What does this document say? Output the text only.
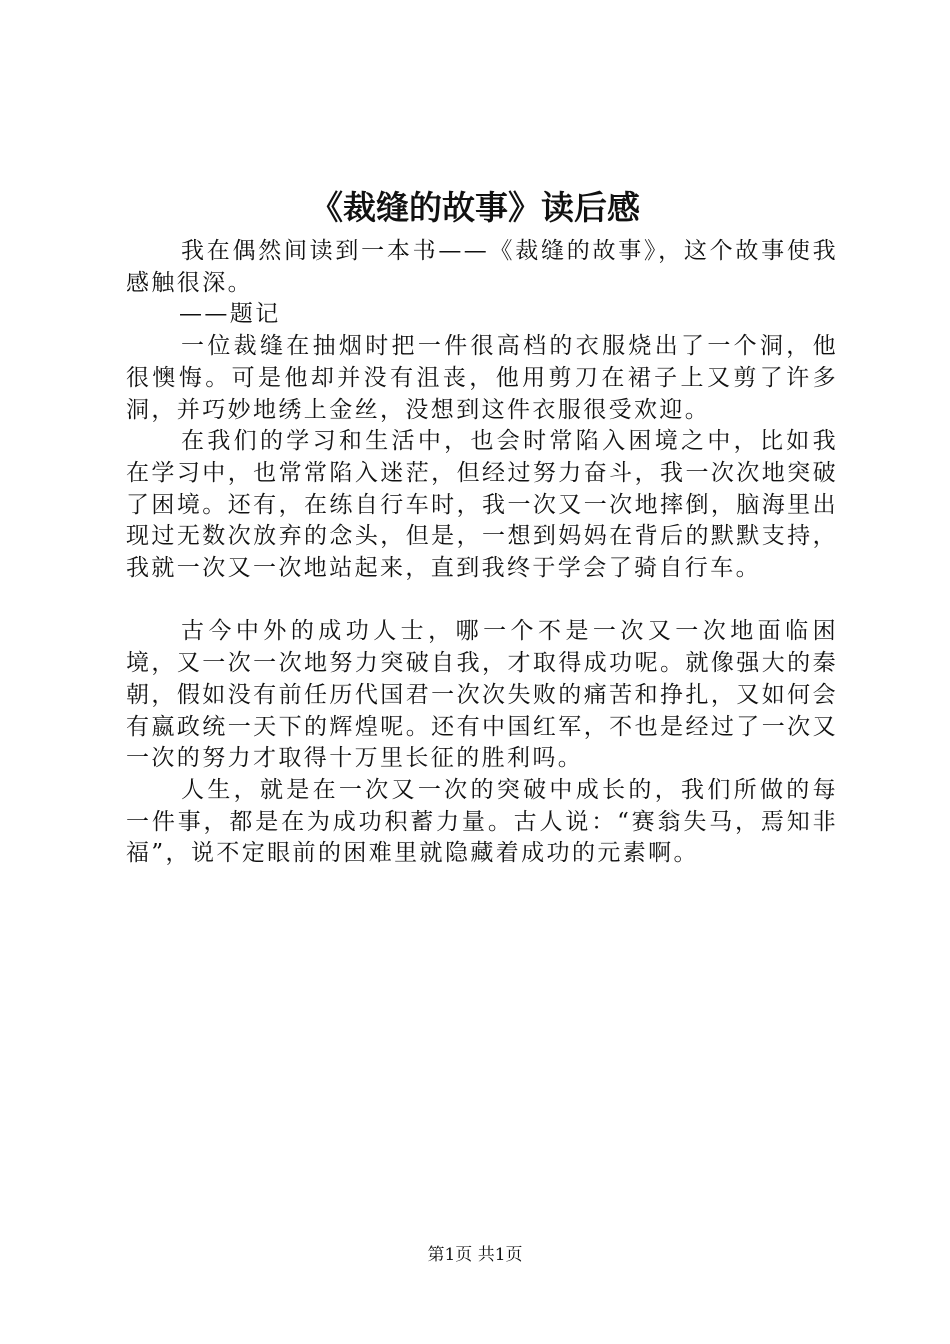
《裁缝的故事》读后感

我在偶然间读到一本书——《裁缝的故事》，这个故事使我感触很深。

——题记

一位裁缝在抽烟时把一件很高档的衣服烧出了一个洞，他很懊悔。可是他却并没有沮丧，他用剪刀在裙子上又剪了许多洞，并巧妙地绣上金丝，没想到这件衣服很受欢迎。

在我们的学习和生活中，也会时常陷入困境之中，比如我在学习中，也常常陷入迷茫，但经过努力奋斗，我一次次地突破了困境。还有，在练自行车时，我一次又一次地摔倒，脑海里出现过无数次放弃的念头，但是，一想到妈妈在背后的默默支持，我就一次又一次地站起来，直到我终于学会了骑自行车。

古今中外的成功人士，哪一个不是一次又一次地面临困境，又一次一次地努力突破自我，才取得成功呢。就像强大的秦朝，假如没有前任历代国君一次次失败的痛苦和挣扎，又如何会有嬴政统一天下的辉煌呢。还有中国红军，不也是经过了一次又一次的努力才取得十万里长征的胜利吗。

人生，就是在一次又一次的突破中成长的，我们所做的每一件事，都是在为成功积蓄力量。古人说：“赛翁失马，焉知非福”，说不定眼前的困难里就隐藏着成功的元素啊。

第1页 共1页
